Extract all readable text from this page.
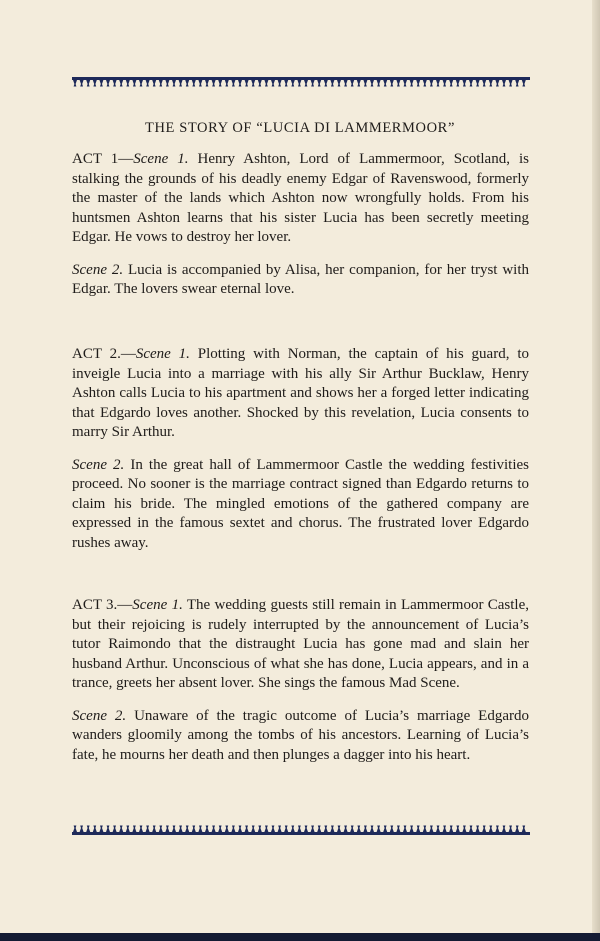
THE STORY OF “LUCIA DI LAMMERMOOR”

ACT 1—Scene 1. Henry Ashton, Lord of Lammermoor, Scotland, is stalking the grounds of his deadly enemy Edgar of Ravenswood, formerly the master of the lands which Ashton now wrongfully holds. From his huntsmen Ashton learns that his sister Lucia has been secretly meeting Edgar. He vows to destroy her lover.

Scene 2. Lucia is accompanied by Alisa, her companion, for her tryst with Edgar. The lovers swear eternal love.

ACT 2.—Scene 1. Plotting with Norman, the captain of his guard, to inveigle Lucia into a marriage with his ally Sir Arthur Bucklaw, Henry Ashton calls Lucia to his apartment and shows her a forged letter indicating that Edgardo loves another. Shocked by this revelation, Lucia consents to marry Sir Arthur.

Scene 2. In the great hall of Lammermoor Castle the wedding festivities proceed. No sooner is the marriage contract signed than Edgardo returns to claim his bride. The mingled emotions of the gathered company are expressed in the famous sextet and chorus. The frustrated lover Edgardo rushes away.

ACT 3.—Scene 1. The wedding guests still remain in Lammermoor Castle, but their rejoicing is rudely interrupted by the announcement of Lucia’s tutor Raimondo that the distraught Lucia has gone mad and slain her husband Arthur. Unconscious of what she has done, Lucia appears, and in a trance, greets her absent lover. She sings the famous Mad Scene.

Scene 2. Unaware of the tragic outcome of Lucia’s marriage Edgardo wanders gloomily among the tombs of his ancestors. Learning of Lucia’s fate, he mourns her death and then plunges a dagger into his heart.
